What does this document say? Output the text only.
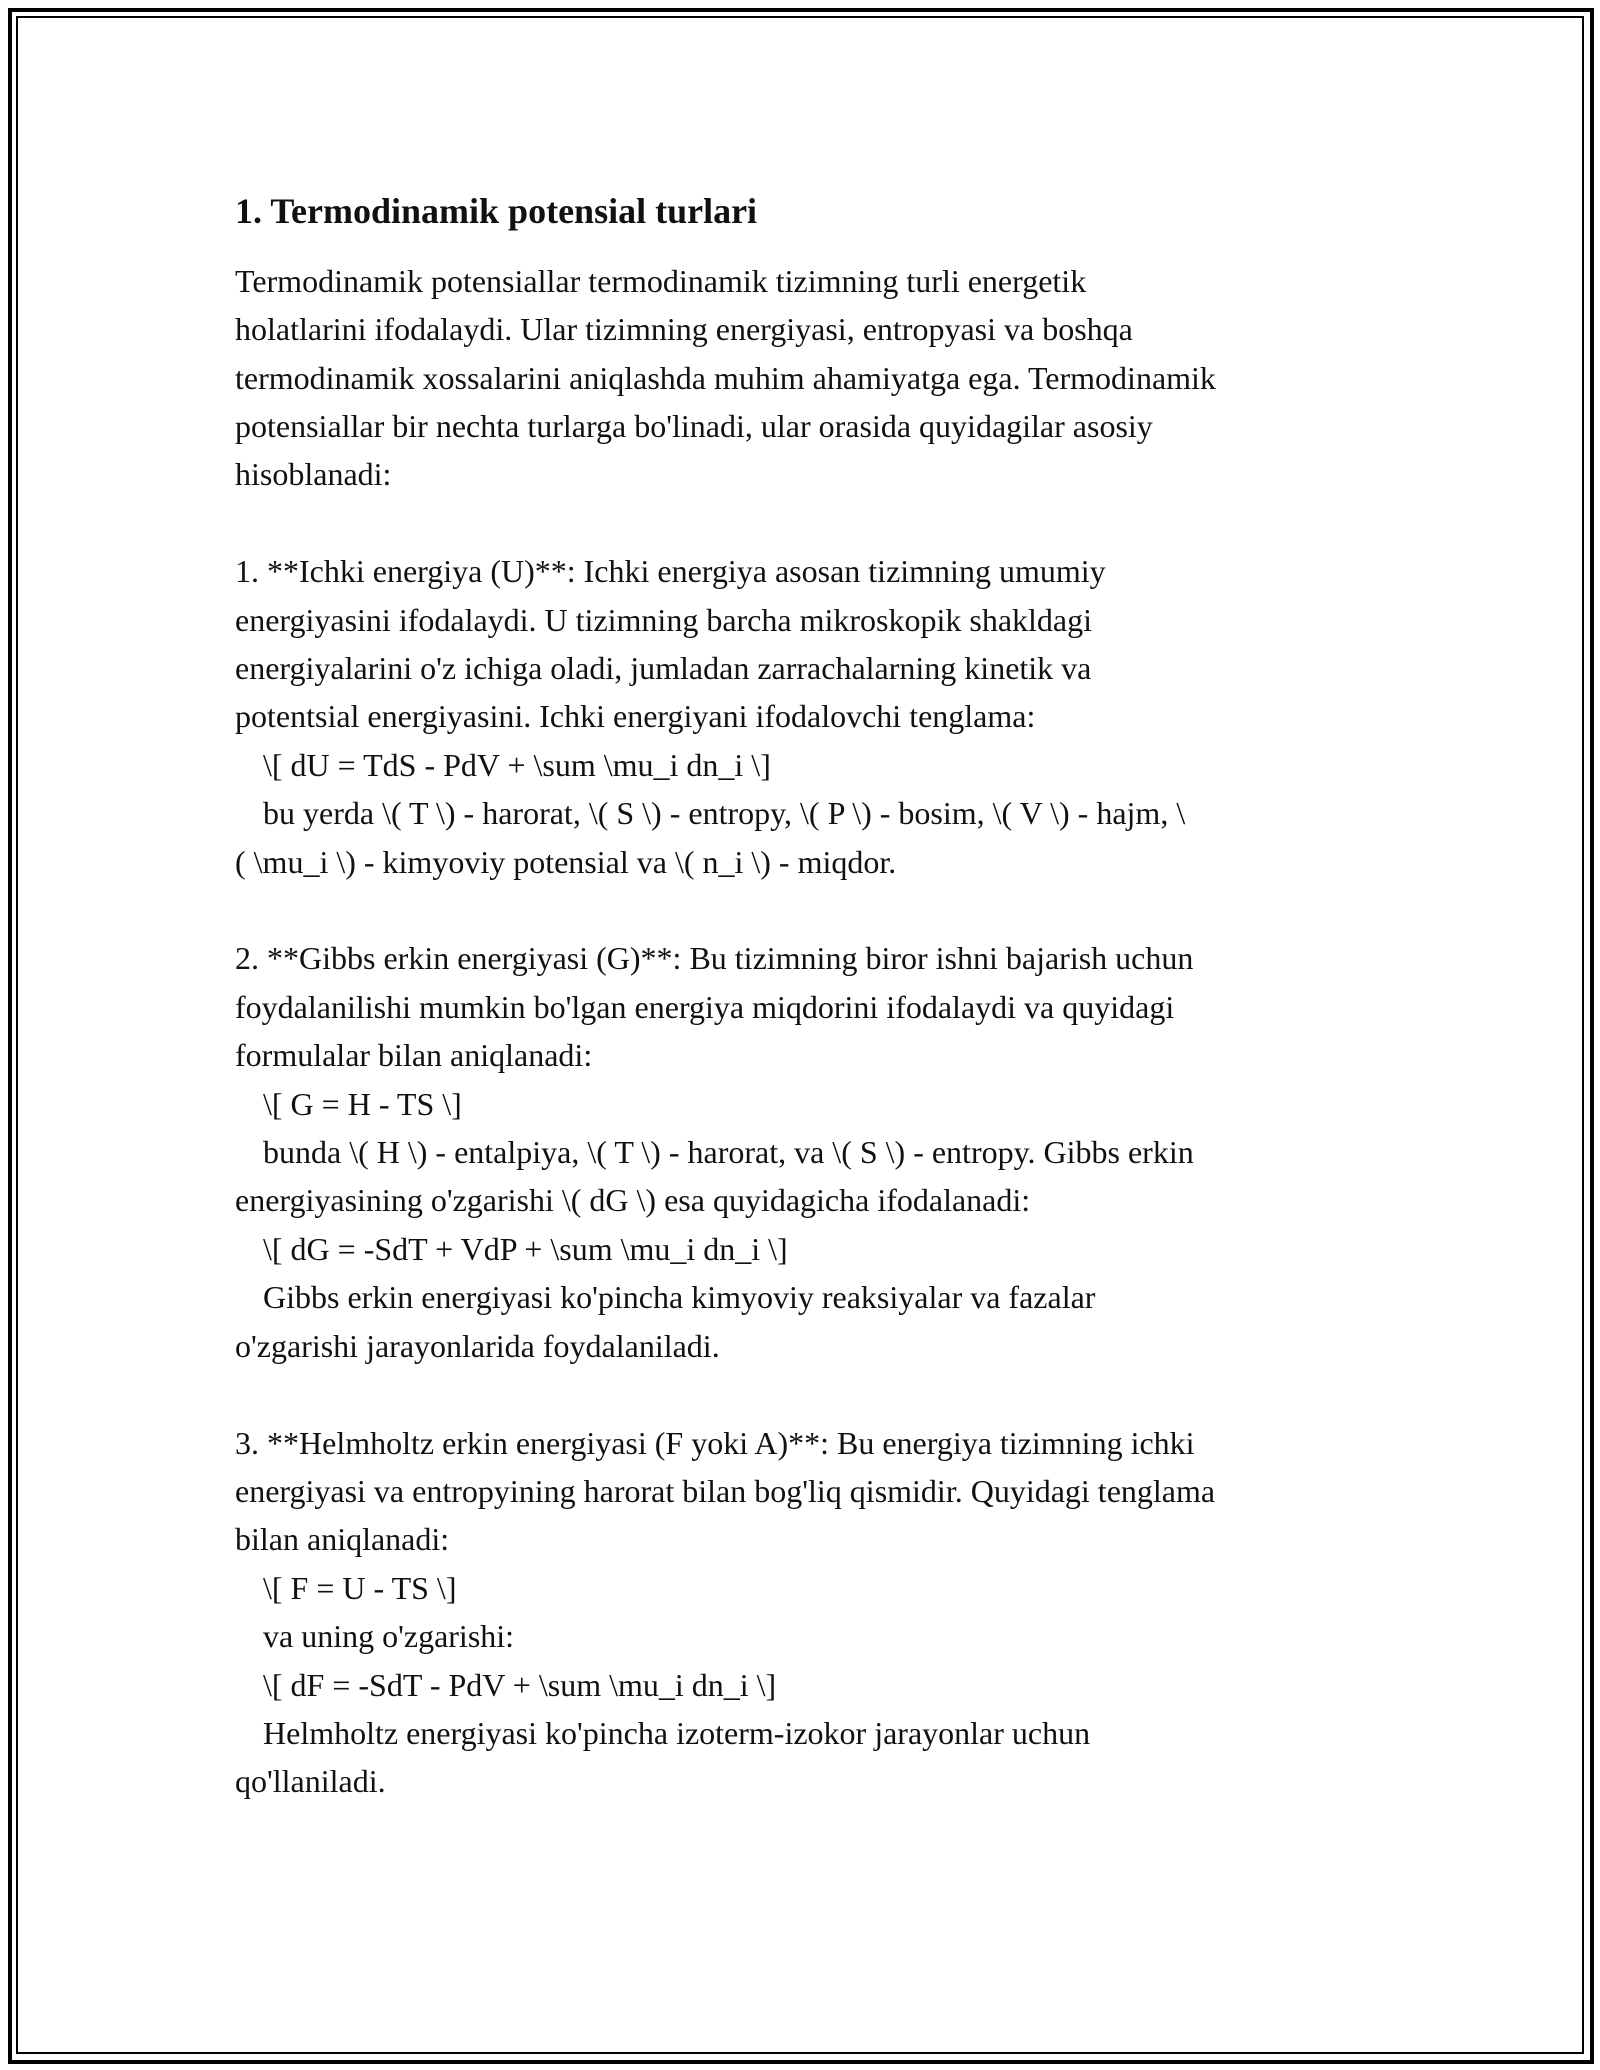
1. Termodinamik potensial turlari
Termodinamik potensiallar termodinamik tizimning turli energetik
holatlarini ifodalaydi. Ular tizimning energiyasi, entropyasi va boshqa
termodinamik xossalarini aniqlashda muhim ahamiyatga ega. Termodinamik
potensiallar bir nechta turlarga bo'linadi, ular orasida quyidagilar asosiy
hisoblanadi:
1. **Ichki energiya (U)**: Ichki energiya asosan tizimning umumiy
energiyasini ifodalaydi. U tizimning barcha mikroskopik shakldagi
energiyalarini o'z ichiga oladi, jumladan zarrachalarning kinetik va
potentsial energiyasini. Ichki energiyani ifodalovchi tenglama:
\[ dU = TdS - PdV + \sum \mu_i dn_i \]
bu yerda \( T \) - harorat, \( S \) - entropy, \( P \) - bosim, \( V \) - hajm, \
( \mu_i \) - kimyoviy potensial va \( n_i \) - miqdor.
2. **Gibbs erkin energiyasi (G)**: Bu tizimning biror ishni bajarish uchun
foydalanilishi mumkin bo'lgan energiya miqdorini ifodalaydi va quyidagi
formulalar bilan aniqlanadi:
\[ G = H - TS \]
bunda \( H \) - entalpiya, \( T \) - harorat, va \( S \) - entropy. Gibbs erkin
energiyasining o'zgarishi \( dG \) esa quyidagicha ifodalanadi:
\[ dG = -SdT + VdP + \sum \mu_i dn_i \]
Gibbs erkin energiyasi ko'pincha kimyoviy reaksiyalar va fazalar
o'zgarishi jarayonlarida foydalaniladi.
3. **Helmholtz erkin energiyasi (F yoki A)**: Bu energiya tizimning ichki
energiyasi va entropyining harorat bilan bog'liq qismidir. Quyidagi tenglama
bilan aniqlanadi:
\[ F = U - TS \]
va uning o'zgarishi:
\[ dF = -SdT - PdV + \sum \mu_i dn_i \]
Helmholtz energiyasi ko'pincha izoterm-izokor jarayonlar uchun
qo'llaniladi.
